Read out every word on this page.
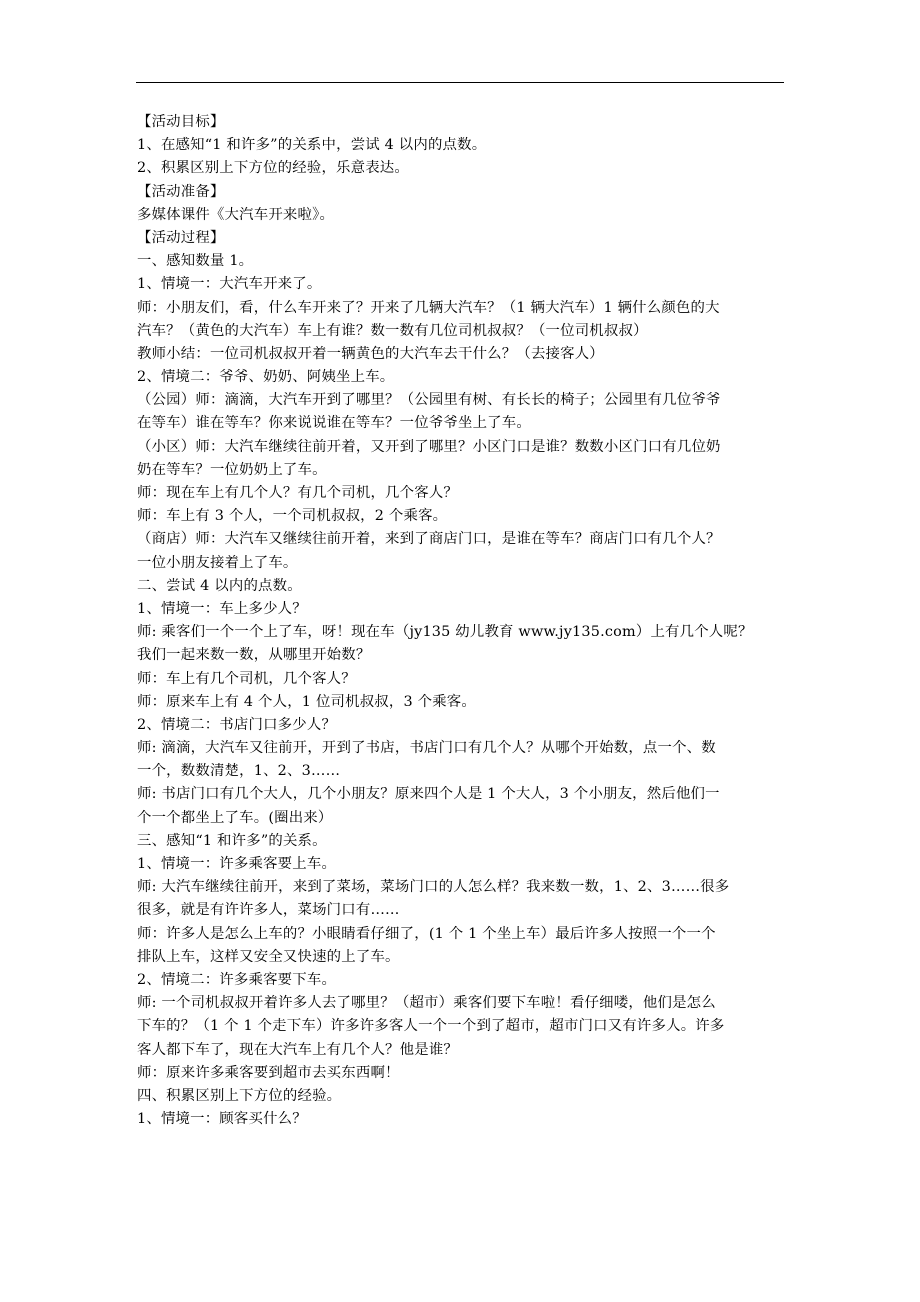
【活动目标】
1、在感知“1 和许多”的关系中，尝试 4 以内的点数。
2、积累区别上下方位的经验，乐意表达。
【活动准备】
多媒体课件《大汽车开来啦》。
【活动过程】
一、感知数量 1。
1、情境一：大汽车开来了。
师：小朋友们，看，什么车开来了？开来了几辆大汽车？（1 辆大汽车）1 辆什么颜色的大
汽车？（黄色的大汽车）车上有谁？数一数有几位司机叔叔？（一位司机叔叔）
教师小结：一位司机叔叔开着一辆黄色的大汽车去干什么？（去接客人）
2、情境二：爷爷、奶奶、阿姨坐上车。
（公园）师：滴滴，大汽车开到了哪里？（公园里有树、有长长的椅子；公园里有几位爷爷
在等车）谁在等车？你来说说谁在等车？一位爷爷坐上了车。
（小区）师：大汽车继续往前开着，又开到了哪里？小区门口是谁？数数小区门口有几位奶
奶在等车？一位奶奶上了车。
师：现在车上有几个人？有几个司机，几个客人？
师：车上有 3 个人，一个司机叔叔，2 个乘客。
（商店）师：大汽车又继续往前开着，来到了商店门口，是谁在等车？商店门口有几个人？
一位小朋友接着上了车。
二、尝试 4 以内的点数。
1、情境一：车上多少人？
师: 乘客们一个一个上了车，呀！现在车（jy135 幼儿教育 www.jy135.com）上有几个人呢？
我们一起来数一数，从哪里开始数？
师：车上有几个司机，几个客人？
师：原来车上有 4 个人，1 位司机叔叔，3 个乘客。
2、情境二：书店门口多少人？
师: 滴滴，大汽车又往前开，开到了书店，书店门口有几个人？从哪个开始数，点一个、数
一个，数数清楚，1、2、3……
师: 书店门口有几个大人，几个小朋友？原来四个人是 1 个大人，3 个小朋友，然后他们一
个一个都坐上了车。(圈出来）
三、感知“1 和许多”的关系。
1、情境一：许多乘客要上车。
师: 大汽车继续往前开，来到了菜场，菜场门口的人怎么样？我来数一数，1、2、3……很多
很多，就是有许许多人，菜场门口有……
师：许多人是怎么上车的？小眼睛看仔细了，(1 个 1 个坐上车）最后许多人按照一个一个
排队上车，这样又安全又快速的上了车。
2、情境二：许多乘客要下车。
师: 一个司机叔叔开着许多人去了哪里？（超市）乘客们要下车啦！看仔细喽，他们是怎么
下车的？（1 个 1 个走下车）许多许多客人一个一个到了超市，超市门口又有许多人。许多
客人都下车了，现在大汽车上有几个人？他是谁？
师：原来许多乘客要到超市去买东西啊！
四、积累区别上下方位的经验。
1、情境一：顾客买什么？
